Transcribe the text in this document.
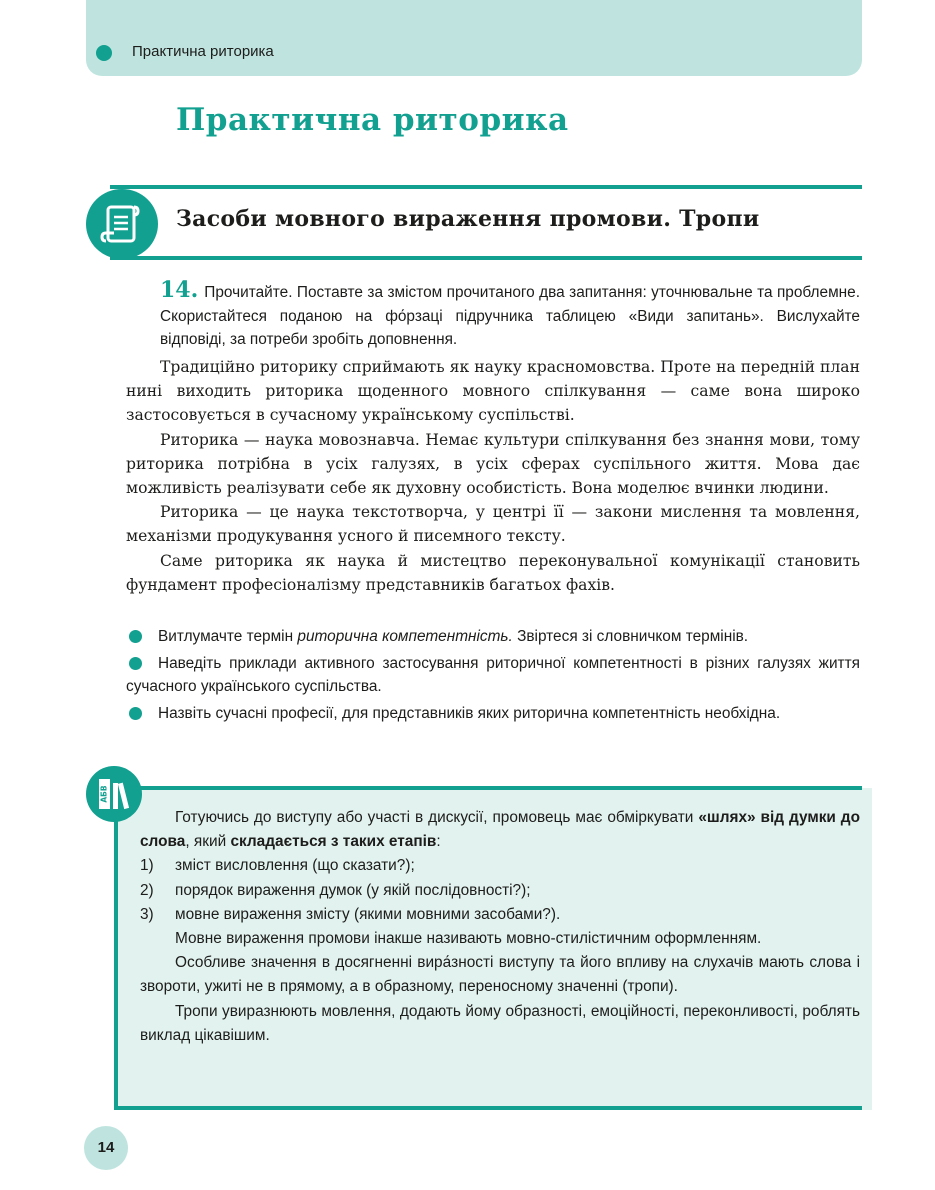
Практична риторика
Практична риторика
Засоби мовного вираження промови. Тропи
14. Прочитайте. Поставте за змістом прочитаного два запитання: уточнювальне та проблемне. Скористайтеся поданою на фо́рзаці підручника таблицею «Види запитань». Вислухайте відповіді, за потреби зробіть доповнення.

Традиційно риторику сприймають як науку красномовства. Проте на передній план нині виходить риторика щоденного мовного спілкування — саме вона широко застосовується в сучасному українському суспільстві.

Риторика — наука мовознавча. Немає культури спілкування без знання мови, тому риторика потрібна в усіх галузях, в усіх сферах суспільного життя. Мова дає можливість реалізувати себе як духовну особистість. Вона моделює вчинки людини.

Риторика — це наука текстотворча, у центрі її — закони мислення та мовлення, механізми продукування усного й писемного тексту.

Саме риторика як наука й мистецтво переконувальної комунікації становить фундамент професіоналізму представників багатьох фахів.

Витлумачте термін риторична компетентність. Звіртеся зі словничком термінів.
Наведіть приклади активного застосування риторичної компетентності в різних галузях життя сучасного українського суспільства.
Назвіть сучасні професії, для представників яких риторична компетентність необхідна.
АБВ

Готуючись до виступу або участі в дискусії, промовець має обміркувати «шлях» від думки до слова, який складається з таких етапів:

1)	зміст висловлення (що сказати?);

2)	порядок вираження думок (у якій послідовності?);

3)	мовне вираження змісту (якими мовними засобами?).

Мовне вираження промови інакше називають мовно-стилістичним оформленням.

Особливе значення в досягненні вира́зності виступу та його впливу на слухачів мають слова і звороти, ужиті не в прямому, а в образному, переносному значенні (тропи).

Тропи увиразнюють мовлення, додають йому образності, емоційності, переконливості, роблять виклад цікавішим.

14
